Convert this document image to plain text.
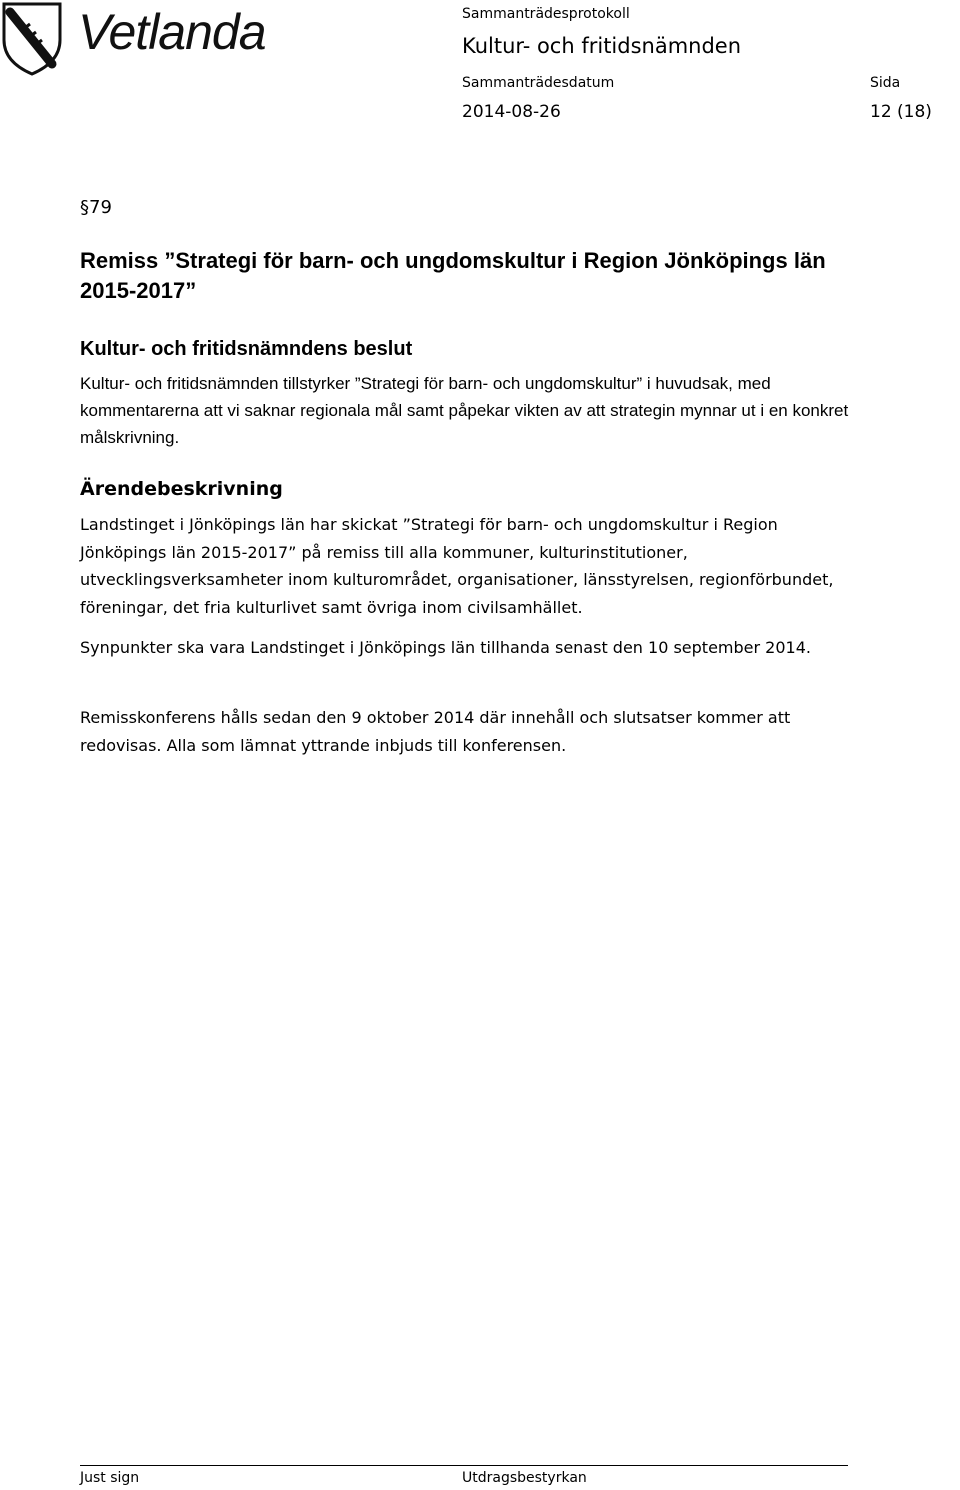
Vetlanda	Sammanträdesprotokoll
Kultur- och fritidsnämnden
Sammanträdesdatum	Sida
2014-08-26	12 (18)
§79
Remiss ”Strategi för barn- och ungdomskultur i Region Jönköpings län 2015-2017”
Kultur- och fritidsnämndens beslut
Kultur- och fritidsnämnden tillstyrker ”Strategi för barn- och ungdomskultur” i huvudsak, med kommentarerna att vi saknar regionala mål samt påpekar vikten av att strategin mynnar ut i en konkret målskrivning.
Ärendebeskrivning
Landstinget i Jönköpings län har skickat ”Strategi för barn- och ungdomskultur i Region Jönköpings län 2015-2017” på remiss till alla kommuner, kulturinstitutioner, utvecklingsverksamheter inom kulturområdet, organisationer, länsstyrelsen, regionförbundet, föreningar, det fria kulturlivet samt övriga inom civilsamhället.
Synpunkter ska vara Landstinget i Jönköpings län tillhanda senast den 10 september 2014.
Remisskonferens hålls sedan den 9 oktober 2014 där innehåll och slutsatser kommer att redovisas. Alla som lämnat yttrande inbjuds till konferensen.
Just sign	Utdragsbestyrkan
